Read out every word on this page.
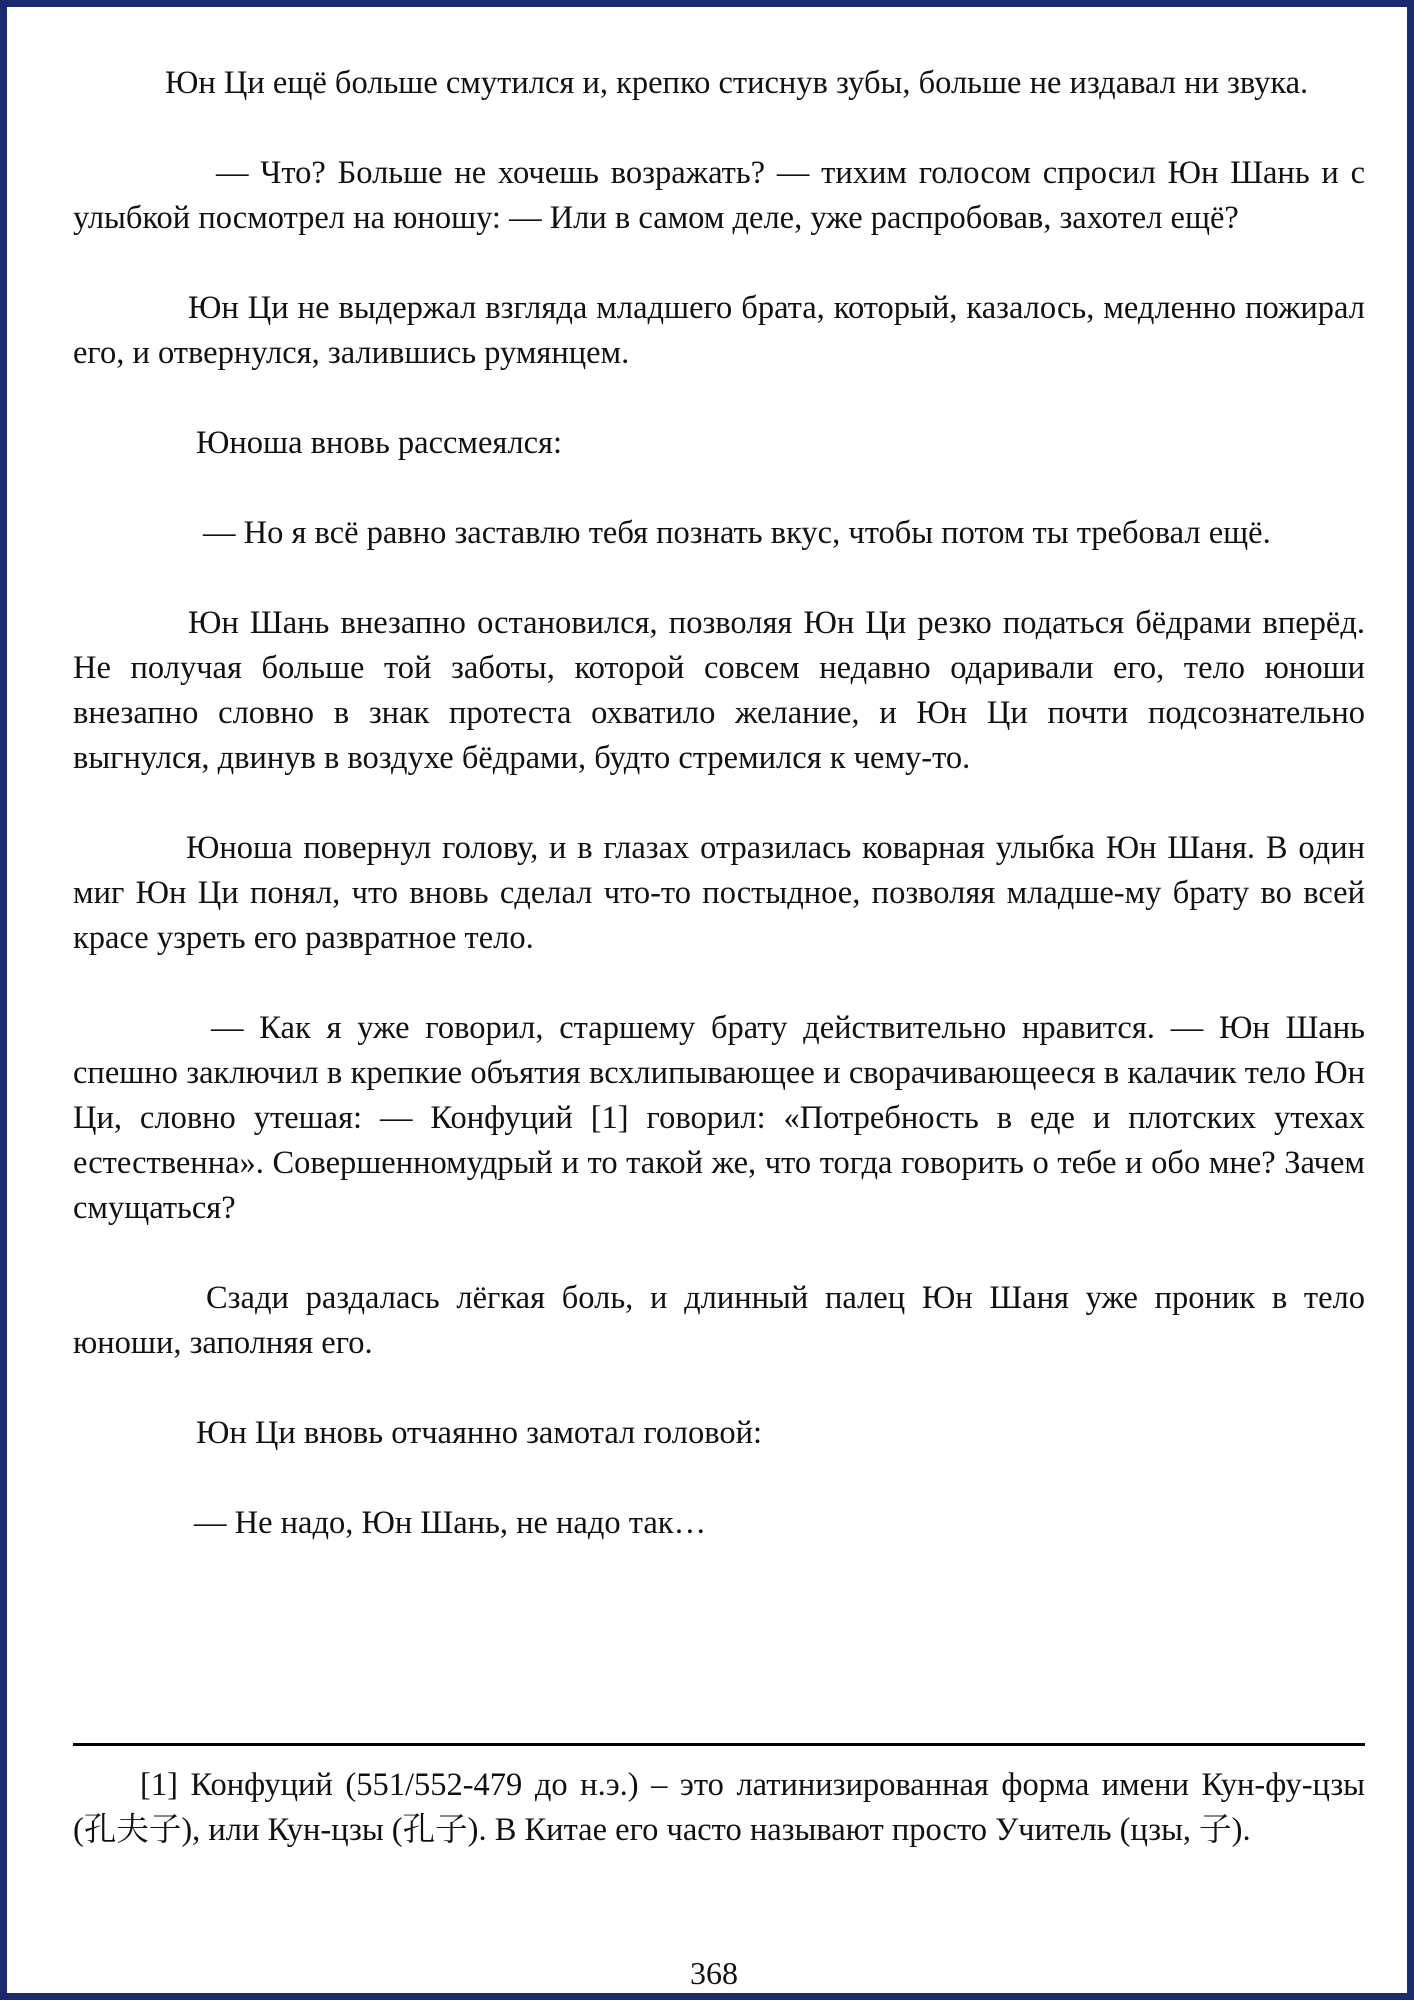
Юн Ци ещё больше смутился и, крепко стиснув зубы, больше не издавал ни звука.

— Что? Больше не хочешь возражать? — тихим голосом спросил Юн Шань и с улыбкой посмотрел на юношу: — Или в самом деле, уже распробовав, захотел ещё?

Юн Ци не выдержал взгляда младшего брата, который, казалось, медленно пожирал его, и отвернулся, залившись румянцем.

Юноша вновь рассмеялся:

— Но я всё равно заставлю тебя познать вкус, чтобы потом ты требовал ещё.

Юн Шань внезапно остановился, позволяя Юн Ци резко податься бёдрами вперёд. Не получая больше той заботы, которой совсем недавно одаривали его, тело юноши внезапно словно в знак протеста охватило желание, и Юн Ци почти подсознательно выгнулся, двинув в воздухе бёдрами, будто стремился к чему-то.

Юноша повернул голову, и в глазах отразилась коварная улыбка Юн Шаня. В один миг Юн Ци понял, что вновь сделал что-то постыдное, позволяя младше-му брату во всей красе узреть его развратное тело.

— Как я уже говорил, старшему брату действительно нравится. — Юн Шань спешно заключил в крепкие объятия всхлипывающее и сворачивающееся в калачик тело Юн Ци, словно утешая: — Конфуций [1] говорил: «Потребность в еде и плотских утехах естественна». Совершенномудрый и то такой же, что тогда говорить о тебе и обо мне? Зачем смущаться?

Сзади раздалась лёгкая боль, и длинный палец Юн Шаня уже проник в тело юноши, заполняя его.

Юн Ци вновь отчаянно замотал головой:

— Не надо, Юн Шань, не надо так…

[1] Конфуций (551/552-479 до н.э.) – это латинизированная форма имени Кун-фу-цзы (孔夫子), или Кун-цзы (孔子). В Китае его часто называют просто Учитель (цзы, 子).

368
